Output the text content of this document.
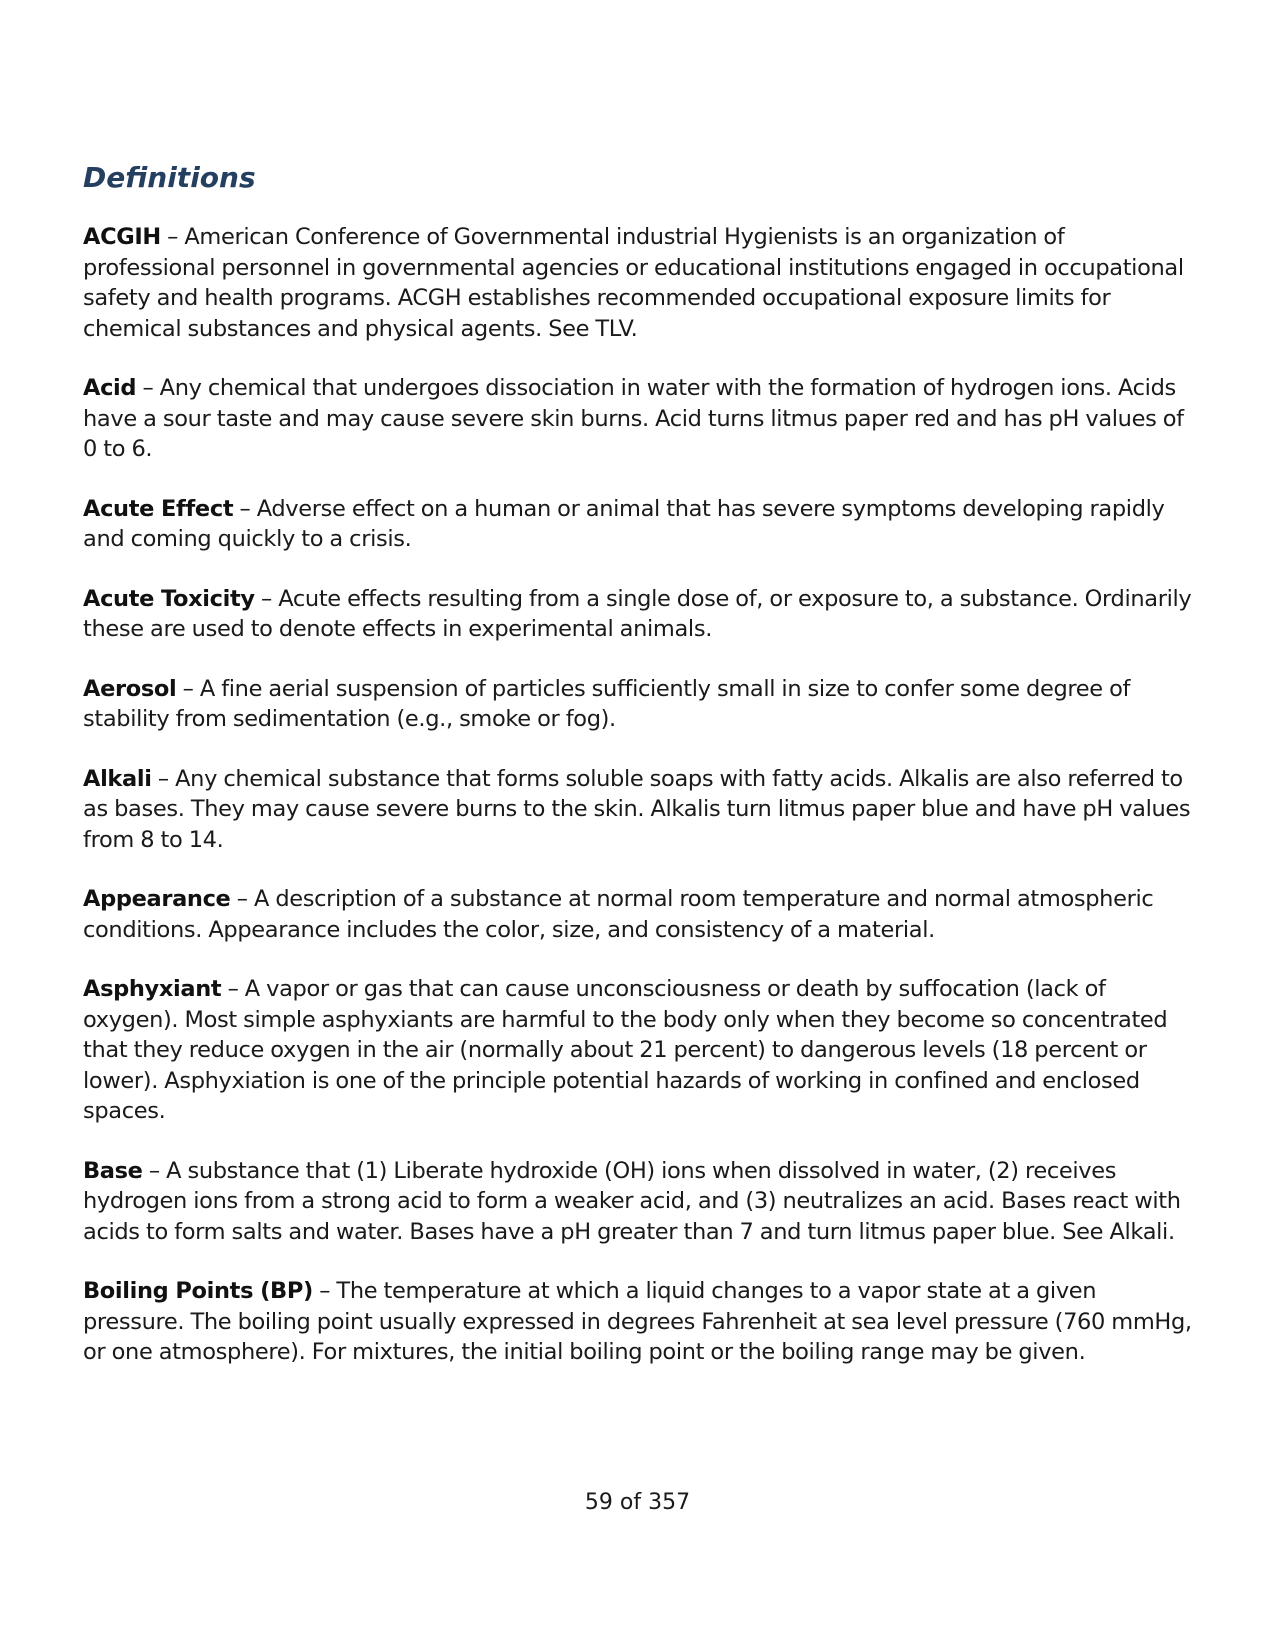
Definitions

ACGIH – American Conference of Governmental industrial Hygienists is an organization of professional personnel in governmental agencies or educational institutions engaged in occupational safety and health programs. ACGH establishes recommended occupational exposure limits for chemical substances and physical agents. See TLV.

Acid – Any chemical that undergoes dissociation in water with the formation of hydrogen ions. Acids have a sour taste and may cause severe skin burns. Acid turns litmus paper red and has pH values of 0 to 6.

Acute Effect – Adverse effect on a human or animal that has severe symptoms developing rapidly and coming quickly to a crisis.

Acute Toxicity – Acute effects resulting from a single dose of, or exposure to, a substance. Ordinarily these are used to denote effects in experimental animals.

Aerosol – A fine aerial suspension of particles sufficiently small in size to confer some degree of stability from sedimentation (e.g., smoke or fog).

Alkali – Any chemical substance that forms soluble soaps with fatty acids. Alkalis are also referred to as bases. They may cause severe burns to the skin. Alkalis turn litmus paper blue and have pH values from 8 to 14.

Appearance – A description of a substance at normal room temperature and normal atmospheric conditions. Appearance includes the color, size, and consistency of a material.

Asphyxiant – A vapor or gas that can cause unconsciousness or death by suffocation (lack of oxygen). Most simple asphyxiants are harmful to the body only when they become so concentrated that they reduce oxygen in the air (normally about 21 percent) to dangerous levels (18 percent or lower). Asphyxiation is one of the principle potential hazards of working in confined and enclosed spaces.

Base – A substance that (1) Liberate hydroxide (OH) ions when dissolved in water, (2) receives hydrogen ions from a strong acid to form a weaker acid, and (3) neutralizes an acid. Bases react with acids to form salts and water. Bases have a pH greater than 7 and turn litmus paper blue. See Alkali.

Boiling Points (BP) – The temperature at which a liquid changes to a vapor state at a given pressure. The boiling point usually expressed in degrees Fahrenheit at sea level pressure (760 mmHg, or one atmosphere). For mixtures, the initial boiling point or the boiling range may be given.

59 of 357
